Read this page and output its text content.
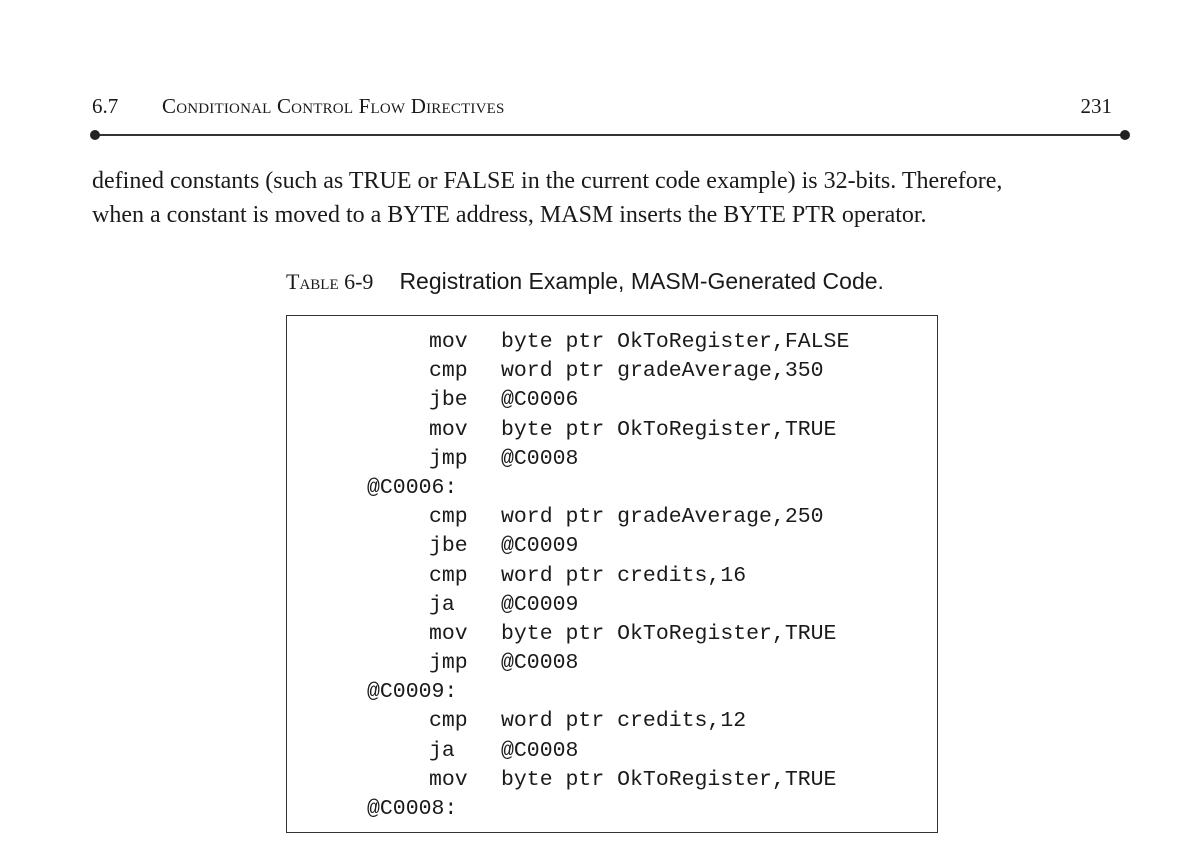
6.7 Conditional Control Flow Directives	231

defined constants (such as TRUE or FALSE in the current code example) is 32-bits. Therefore,

when a constant is moved to a BYTE address, MASM inserts the BYTE PTR operator.

Table 6-9 Registration Example, MASM-Generated Code.
mov byte ptr OkToRegister,FALSE
cmp word ptr gradeAverage,350
jbe @C0006
mov byte ptr OkToRegister,TRUE
jmp @C0008
@C0006:
cmp word ptr gradeAverage,250
jbe @C0009
cmp word ptr credits,16
ja @C0009
mov byte ptr OkToRegister,TRUE
jmp @C0008
@C0009:
cmp word ptr credits,12
ja @C0008
mov byte ptr OkToRegister,TRUE
@C0008:
